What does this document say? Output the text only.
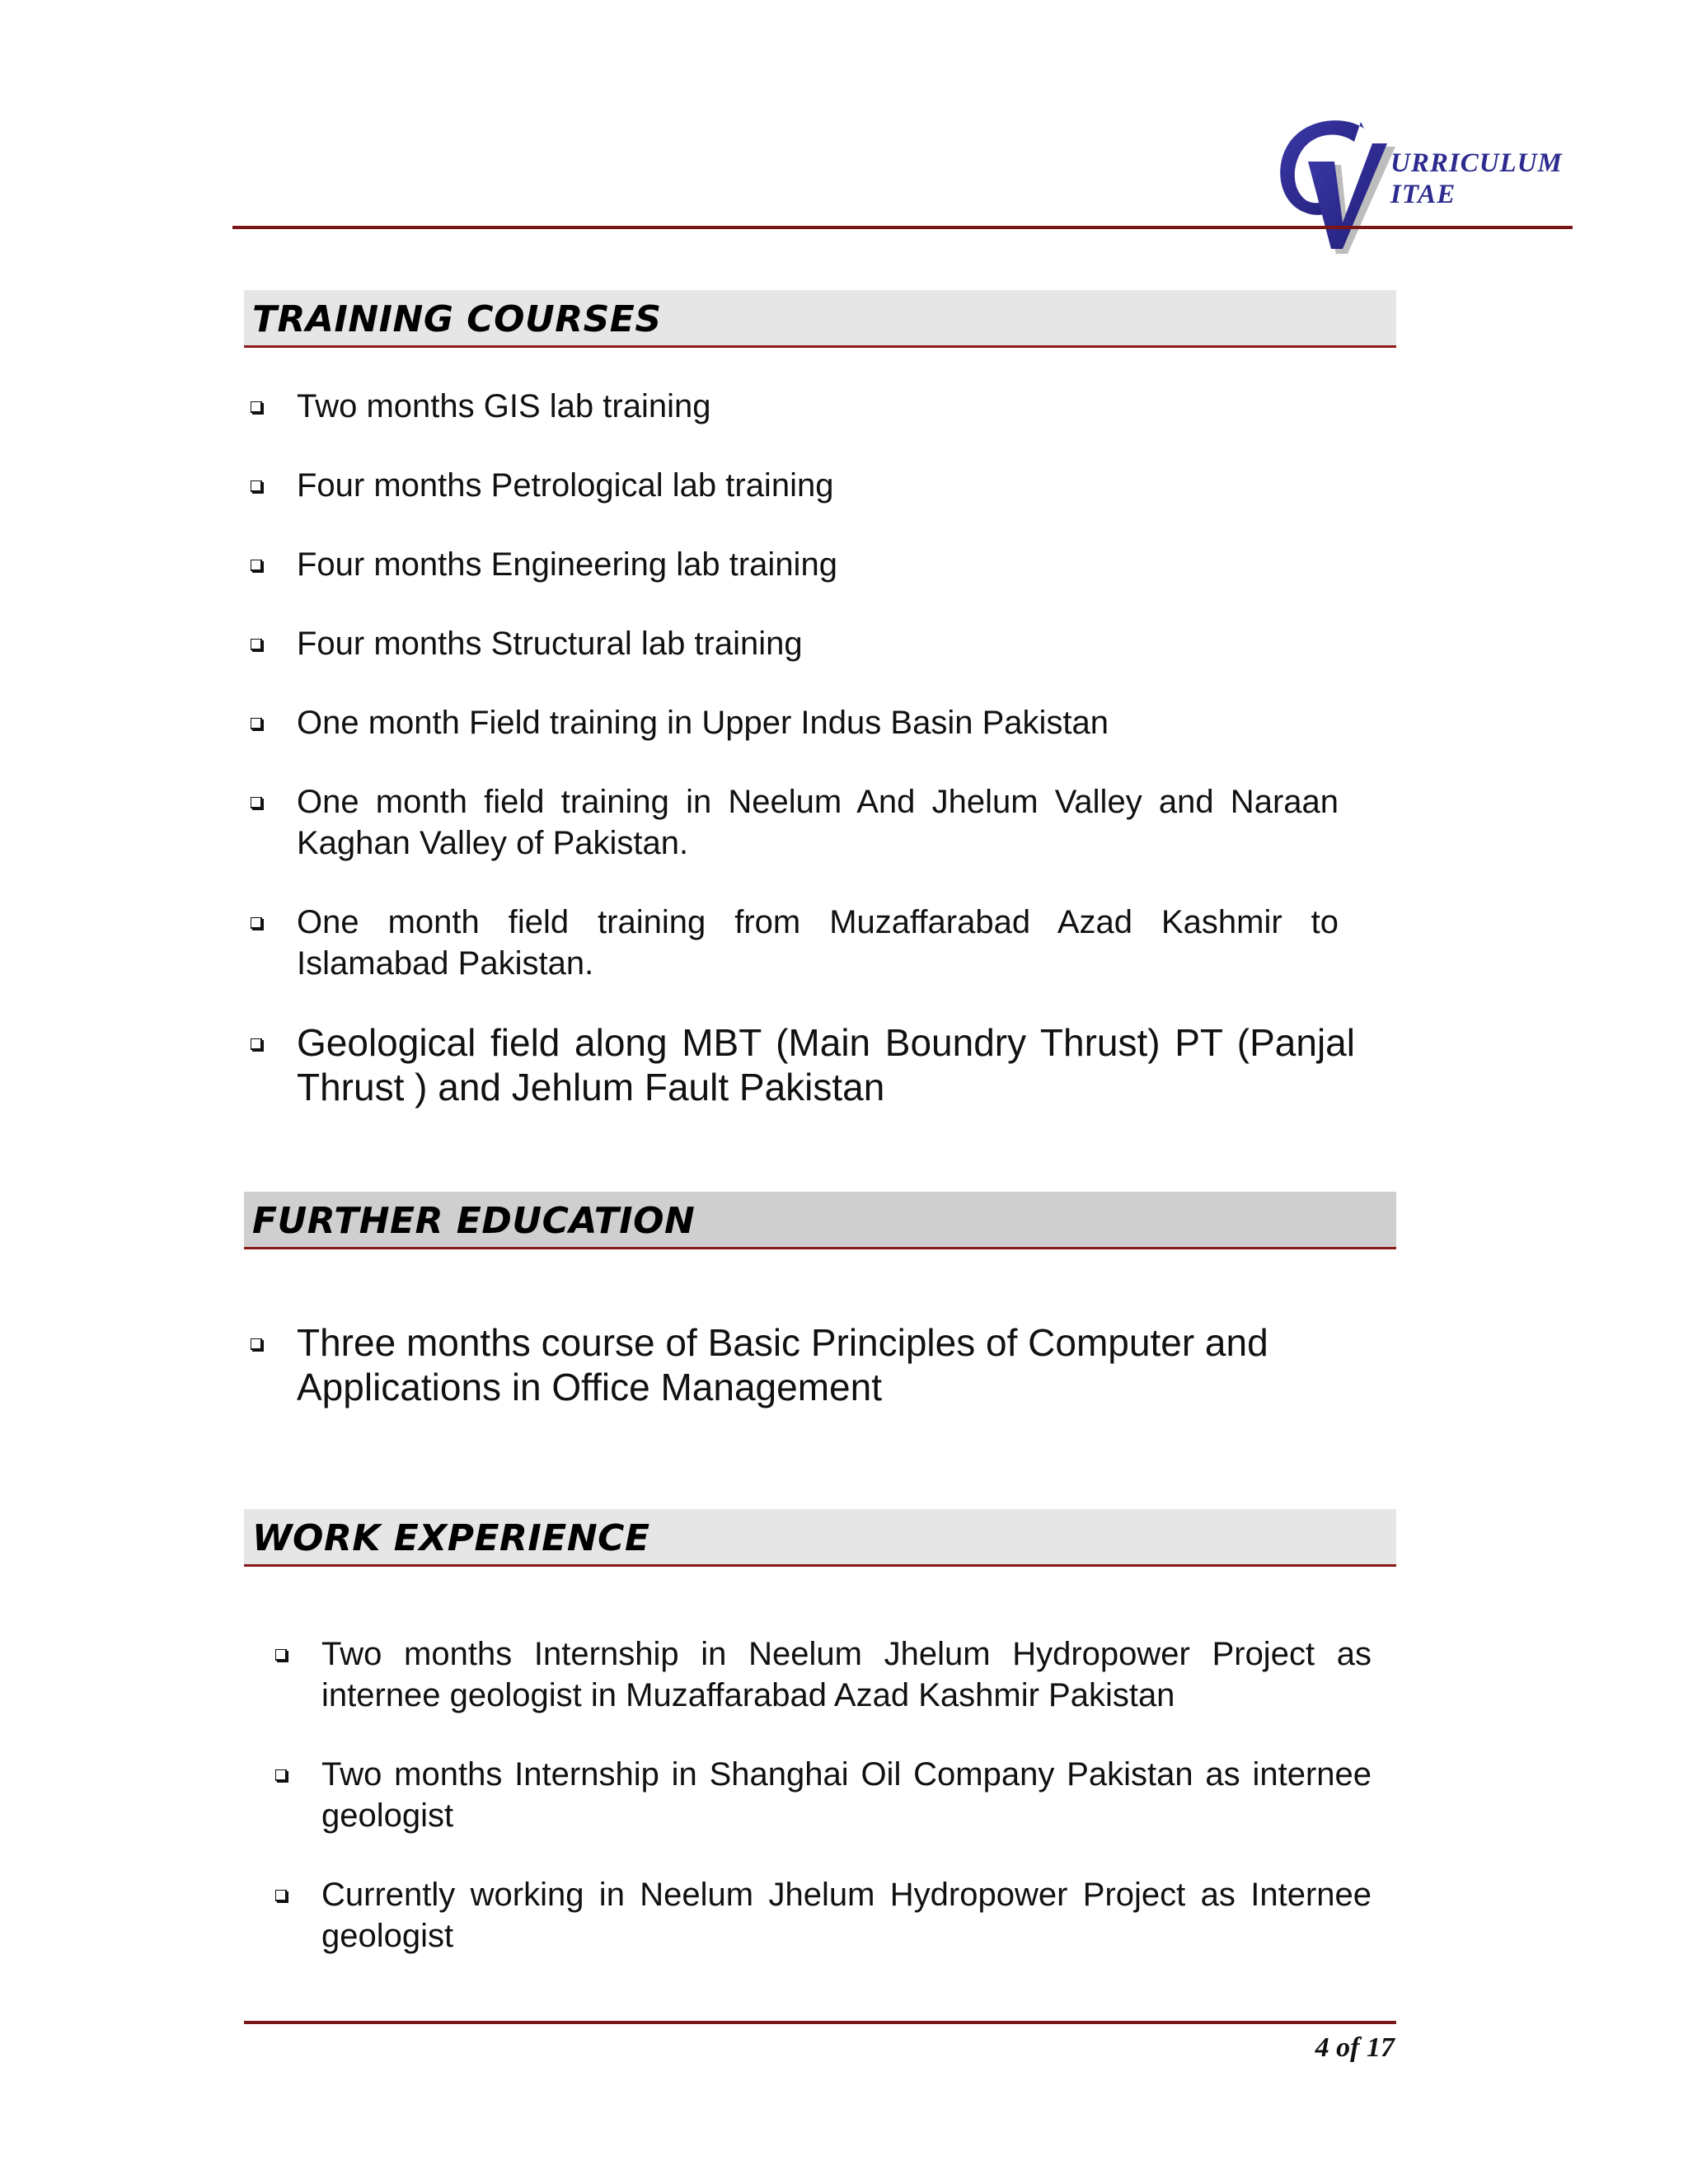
URRICULUM
ITAE
TRAINING COURSES
Two months GIS lab training
Four months Petrological lab training
Four months Engineering lab training
Four months Structural lab training
One month Field training in Upper Indus Basin Pakistan
One month field training in Neelum And Jhelum Valley and Naraan Kaghan Valley of Pakistan.
One month field training from Muzaffarabad Azad Kashmir to Islamabad Pakistan.
Geological field along MBT (Main Boundry Thrust) PT (Panjal Thrust ) and Jehlum Fault Pakistan
FURTHER EDUCATION
Three months course of Basic Principles of Computer and Applications in Office Management
WORK EXPERIENCE
Two months Internship in Neelum Jhelum Hydropower Project as internee geologist in Muzaffarabad Azad Kashmir Pakistan
Two months Internship in Shanghai Oil Company Pakistan as internee geologist
Currently working in Neelum Jhelum Hydropower Project as Internee geologist
4 of 17
